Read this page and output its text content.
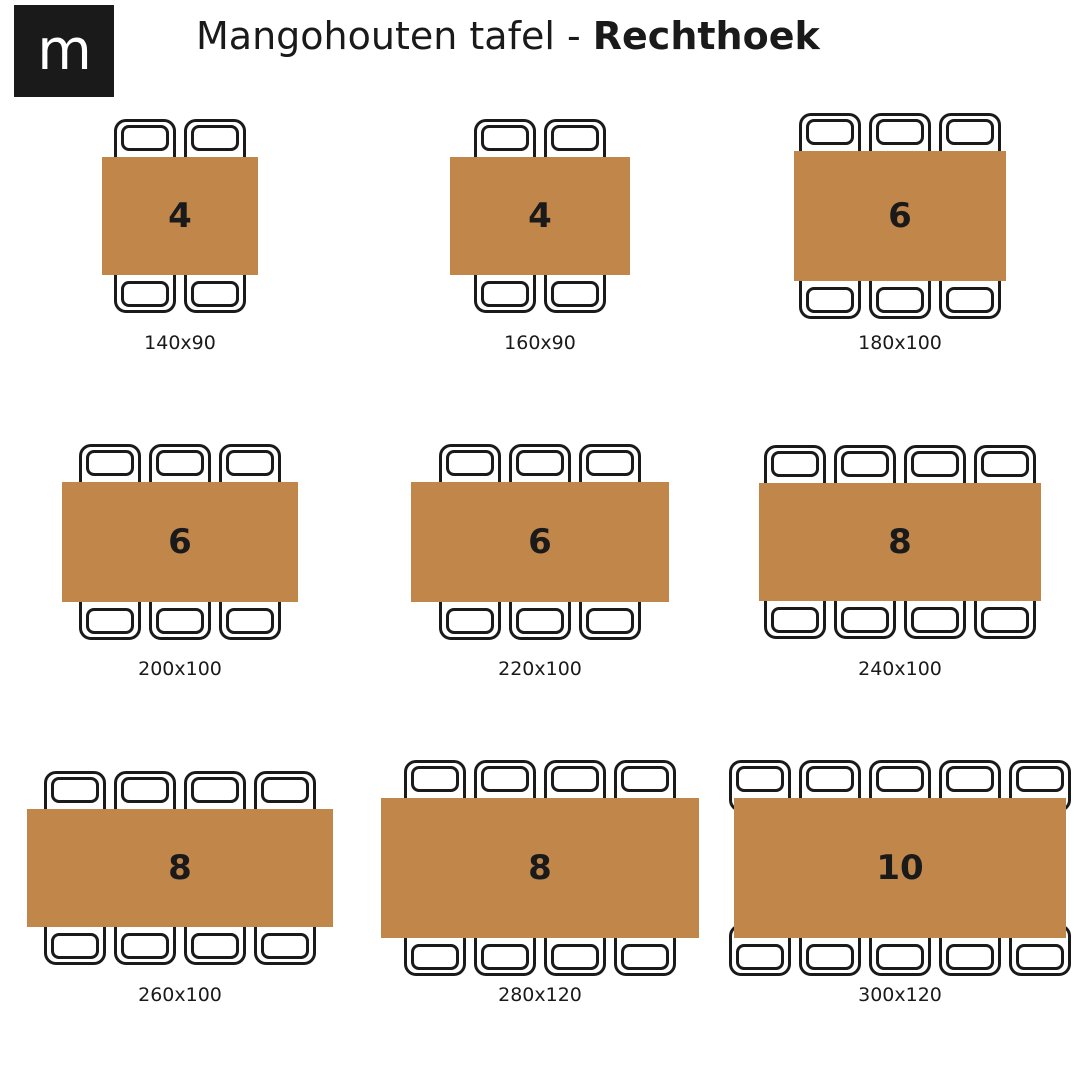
m	Mangohouten tafel - Rechthoek
4
140x90
4
160x90
6
180x100
6
200x100
6
220x100
8
240x100
8
260x100
8
280x120
10
300x120
